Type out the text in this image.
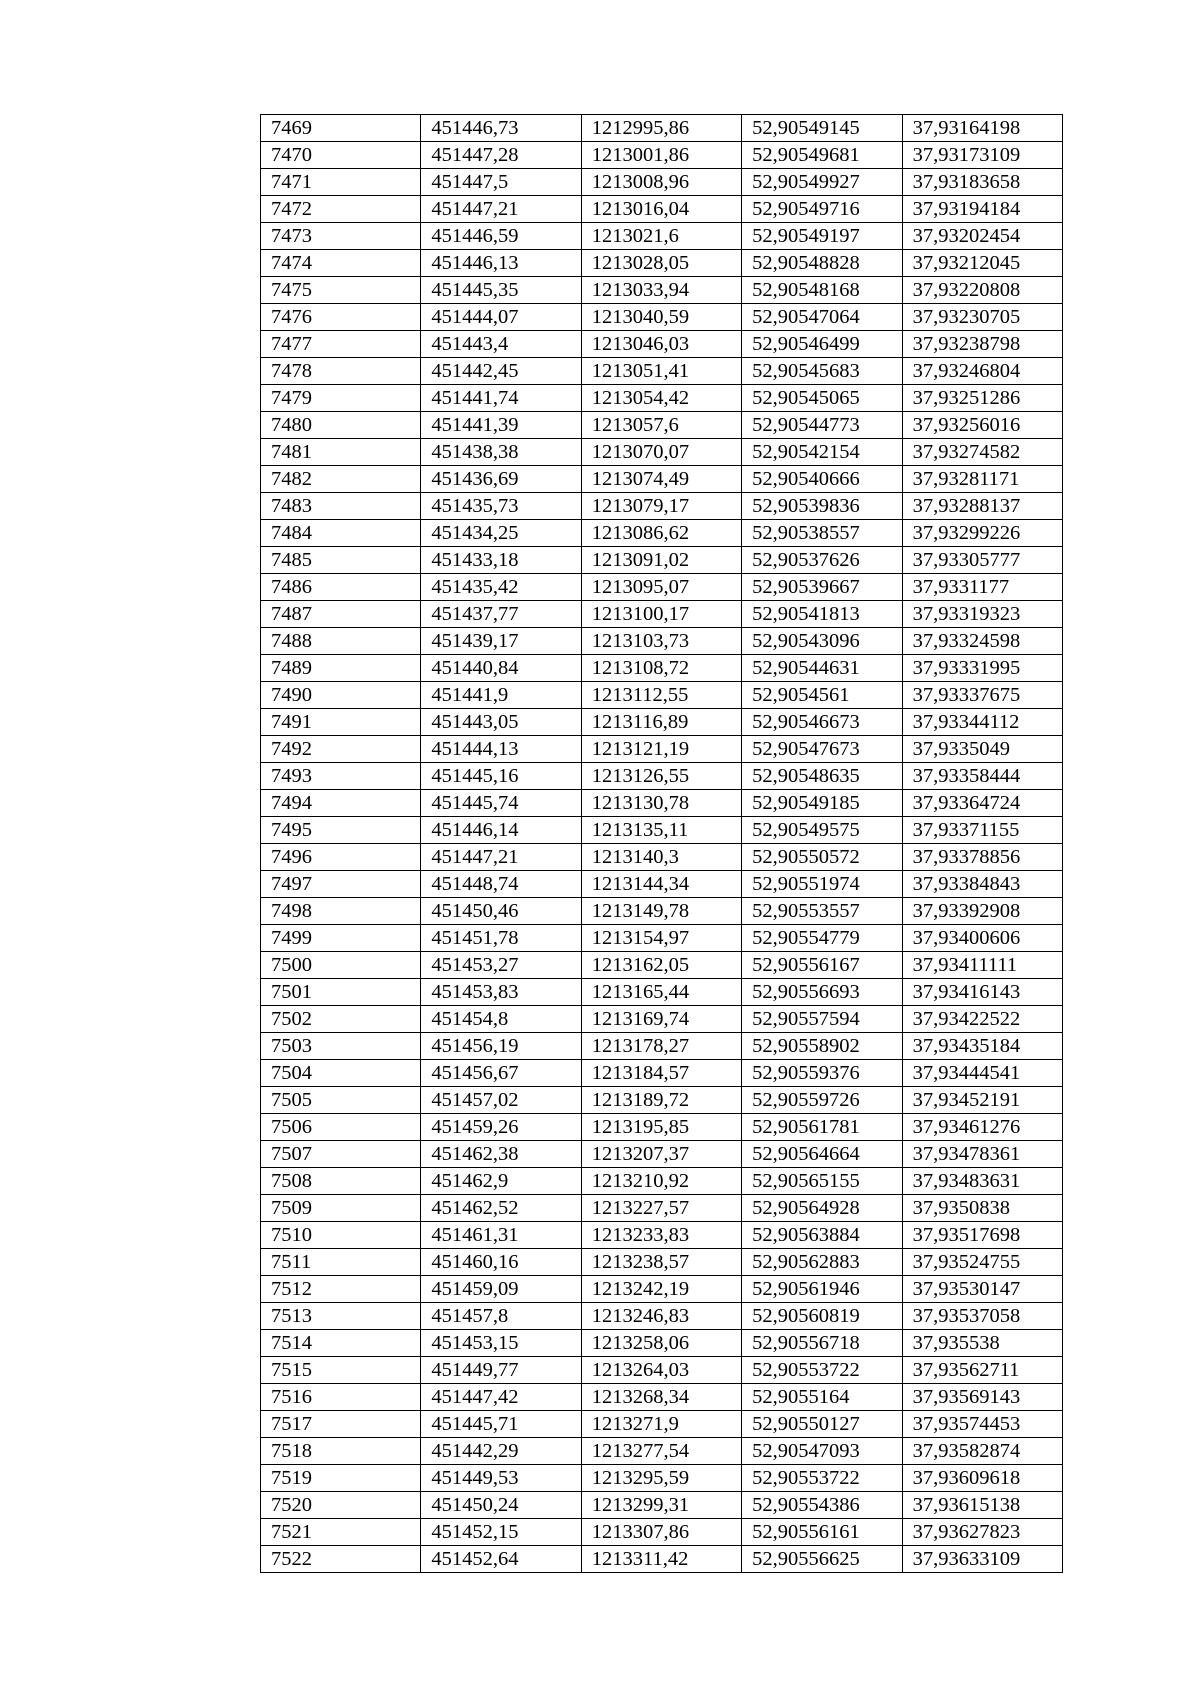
7469	451446,73	1212995,86	52,90549145	37,93164198
7470	451447,28	1213001,86	52,90549681	37,93173109
7471	451447,5	1213008,96	52,90549927	37,93183658
7472	451447,21	1213016,04	52,90549716	37,93194184
7473	451446,59	1213021,6	52,90549197	37,93202454
7474	451446,13	1213028,05	52,90548828	37,93212045
7475	451445,35	1213033,94	52,90548168	37,93220808
7476	451444,07	1213040,59	52,90547064	37,93230705
7477	451443,4	1213046,03	52,90546499	37,93238798
7478	451442,45	1213051,41	52,90545683	37,93246804
7479	451441,74	1213054,42	52,90545065	37,93251286
7480	451441,39	1213057,6	52,90544773	37,93256016
7481	451438,38	1213070,07	52,90542154	37,93274582
7482	451436,69	1213074,49	52,90540666	37,93281171
7483	451435,73	1213079,17	52,90539836	37,93288137
7484	451434,25	1213086,62	52,90538557	37,93299226
7485	451433,18	1213091,02	52,90537626	37,93305777
7486	451435,42	1213095,07	52,90539667	37,9331177
7487	451437,77	1213100,17	52,90541813	37,93319323
7488	451439,17	1213103,73	52,90543096	37,93324598
7489	451440,84	1213108,72	52,90544631	37,93331995
7490	451441,9	1213112,55	52,9054561	37,93337675
7491	451443,05	1213116,89	52,90546673	37,93344112
7492	451444,13	1213121,19	52,90547673	37,9335049
7493	451445,16	1213126,55	52,90548635	37,93358444
7494	451445,74	1213130,78	52,90549185	37,93364724
7495	451446,14	1213135,11	52,90549575	37,93371155
7496	451447,21	1213140,3	52,90550572	37,93378856
7497	451448,74	1213144,34	52,90551974	37,93384843
7498	451450,46	1213149,78	52,90553557	37,93392908
7499	451451,78	1213154,97	52,90554779	37,93400606
7500	451453,27	1213162,05	52,90556167	37,93411111
7501	451453,83	1213165,44	52,90556693	37,93416143
7502	451454,8	1213169,74	52,90557594	37,93422522
7503	451456,19	1213178,27	52,90558902	37,93435184
7504	451456,67	1213184,57	52,90559376	37,93444541
7505	451457,02	1213189,72	52,90559726	37,93452191
7506	451459,26	1213195,85	52,90561781	37,93461276
7507	451462,38	1213207,37	52,90564664	37,93478361
7508	451462,9	1213210,92	52,90565155	37,93483631
7509	451462,52	1213227,57	52,90564928	37,9350838
7510	451461,31	1213233,83	52,90563884	37,93517698
7511	451460,16	1213238,57	52,90562883	37,93524755
7512	451459,09	1213242,19	52,90561946	37,93530147
7513	451457,8	1213246,83	52,90560819	37,93537058
7514	451453,15	1213258,06	52,90556718	37,935538
7515	451449,77	1213264,03	52,90553722	37,93562711
7516	451447,42	1213268,34	52,9055164	37,93569143
7517	451445,71	1213271,9	52,90550127	37,93574453
7518	451442,29	1213277,54	52,90547093	37,93582874
7519	451449,53	1213295,59	52,90553722	37,93609618
7520	451450,24	1213299,31	52,90554386	37,93615138
7521	451452,15	1213307,86	52,90556161	37,93627823
7522	451452,64	1213311,42	52,90556625	37,93633109
